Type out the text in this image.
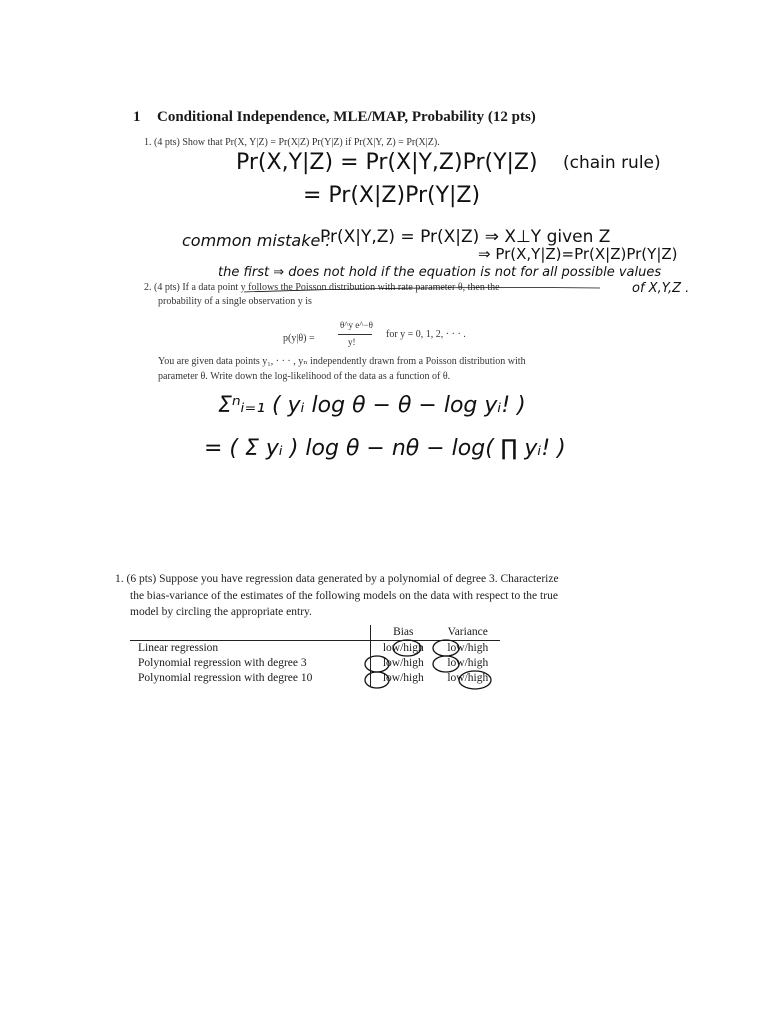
1 Conditional Independence, MLE/MAP, Probability (12 pts)
1. (4 pts) Show that Pr(X, Y|Z) = Pr(X|Z) Pr(Y|Z) if Pr(X|Y, Z) = Pr(X|Z).
Pr(X,Y|Z) = Pr(X|Y,Z)Pr(Y|Z) (chain rule)
= Pr(X|Z)Pr(Y|Z)
common mistake :
Pr(X|Y,Z) = Pr(X|Z) ⇒ X⊥Y given Z
⇒ Pr(X,Y|Z)=Pr(X|Z)Pr(Y|Z)
the first ⇒ does not hold if the equation is not for all possible values
of X,Y,Z .
2. (4 pts) If a data point y follows the Poisson distribution with rate parameter θ, then the
probability of a single observation y is
p(y|θ) =
θ^y e^−θ
y!
for y = 0, 1, 2, · · · .
You are given data points y₁, · · · , yₙ independently drawn from a Poisson distribution with
parameter θ. Write down the log-likelihood of the data as a function of θ.
Σⁿᵢ₌₁ ( yᵢ log θ − θ − log yᵢ! )
= ( Σ yᵢ ) log θ − nθ − log( ∏ yᵢ! )
1. (6 pts) Suppose you have regression data generated by a polynomial of degree 3. Characterize
the bias-variance of the estimates of the following models on the data with respect to the true
model by circling the appropriate entry.
	Bias	Variance
Linear regression	low/high	low/high
Polynomial regression with degree 3	low/high	low/high
Polynomial regression with degree 10	low/high	low/high
